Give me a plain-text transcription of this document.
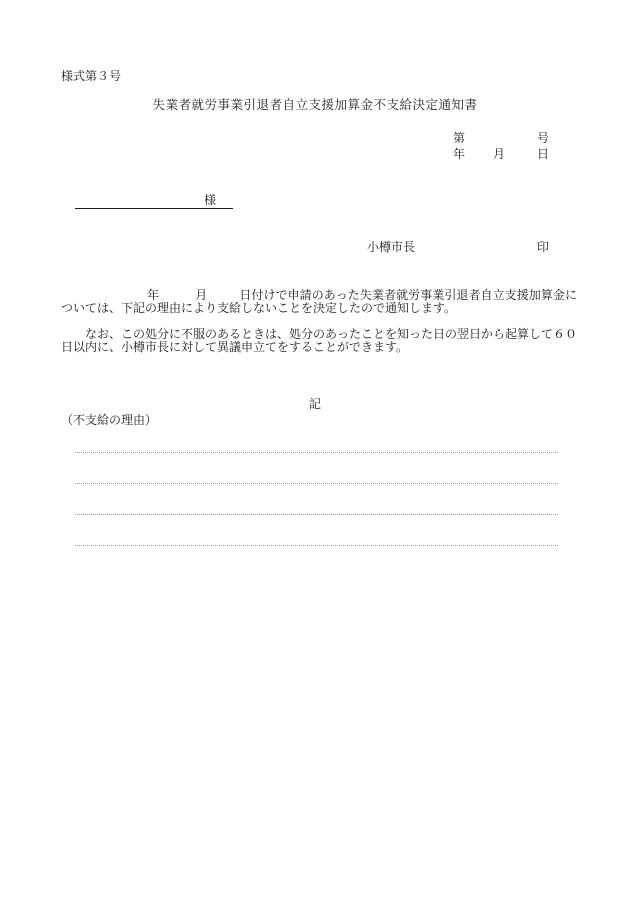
様式第３号
失業者就労事業引退者自立支援加算金不支給決定通知書
第	号
年 月	日
様
小樽市長	印
年	月	日付けで申請のあった失業者就労事業引退者自立支援加算金については、下記の理由により支給しないことを決定したので通知します。
なお、この処分に不服のあるときは、処分のあったことを知った日の翌日から起算して６０日以内に、小樽市長に対して異議申立てをすることができます。
記
（不支給の理由）
